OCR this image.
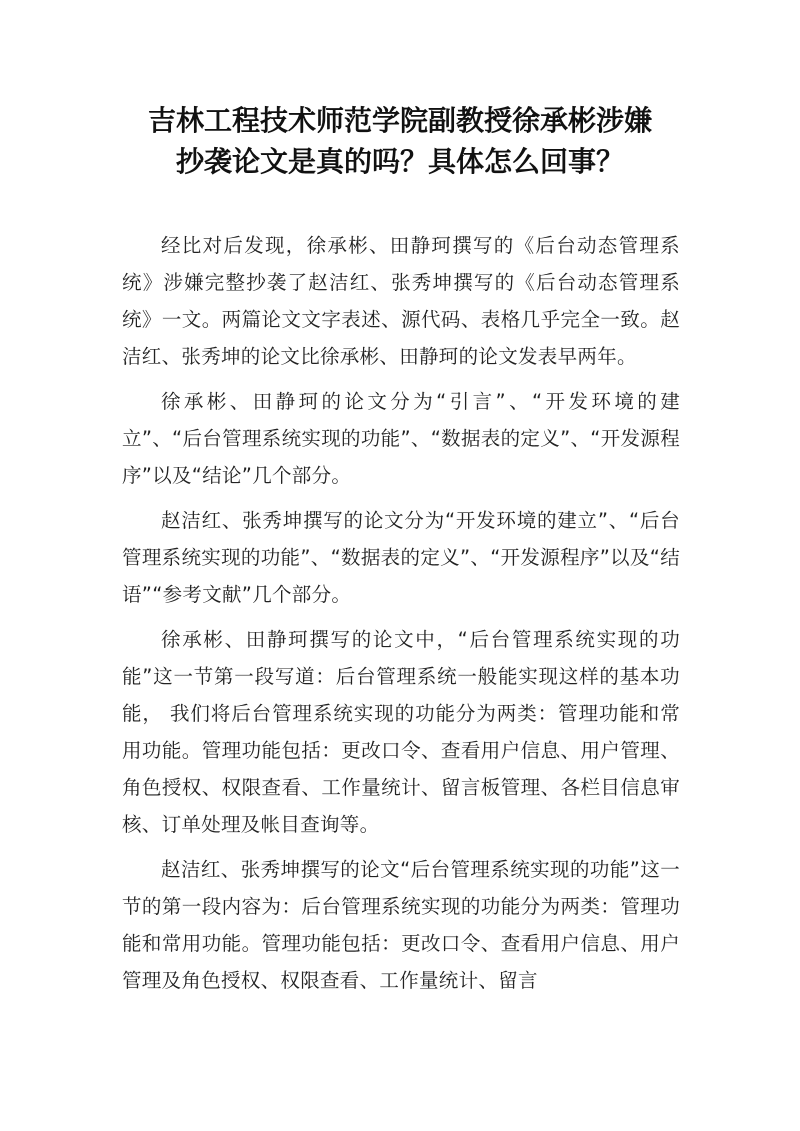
吉林工程技术师范学院副教授徐承彬涉嫌
抄袭论文是真的吗？具体怎么回事？

经比对后发现，徐承彬、田静珂撰写的《后台动态管理系统》涉嫌完整抄袭了赵洁红、张秀坤撰写的《后台动态管理系统》一文。两篇论文文字表述、源代码、表格几乎完全一致。赵洁红、张秀坤的论文比徐承彬、田静珂的论文发表早两年。

徐承彬、田静珂的论文分为“引言”、“开发环境的建立”、“后台管理系统实现的功能”、“数据表的定义”、“开发源程序”以及“结论”几个部分。

赵洁红、张秀坤撰写的论文分为“开发环境的建立”、“后台管理系统实现的功能”、“数据表的定义”、“开发源程序”以及“结语”“参考文献”几个部分。

徐承彬、田静珂撰写的论文中，“后台管理系统实现的功能”这一节第一段写道：后台管理系统一般能实现这样的基本功能， 我们将后台管理系统实现的功能分为两类：管理功能和常用功能。管理功能包括：更改口令、查看用户信息、用户管理、角色授权、权限查看、工作量统计、留言板管理、各栏目信息审核、订单处理及帐目查询等。

赵洁红、张秀坤撰写的论文“后台管理系统实现的功能”这一节的第一段内容为：后台管理系统实现的功能分为两类：管理功能和常用功能。管理功能包括：更改口令、查看用户信息、用户管理及角色授权、权限查看、工作量统计、留言
